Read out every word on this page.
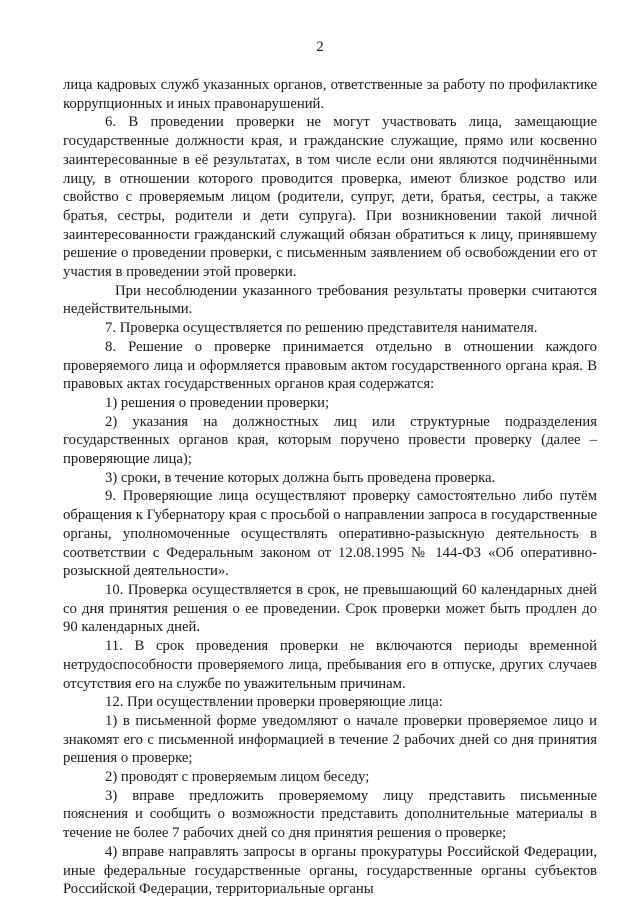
2

лица кадровых служб указанных органов, ответственные за работу по профилактике коррупционных и иных правонарушений.

6. В проведении проверки не могут участвовать лица, замещающие государственные должности края, и гражданские служащие, прямо или косвенно заинтересованные в её результатах, в том числе если они являются подчинёнными лицу, в отношении которого проводится проверка, имеют близкое родство или свойство с проверяемым лицом (родители, супруг, дети, братья, сестры, а также братья, сестры, родители и дети супруга). При возникновении такой личной заинтересованности гражданский служащий обязан обратиться к лицу, принявшему решение о проведении проверки, с письменным заявлением об освобождении его от участия в проведении этой проверки.

При несоблюдении указанного требования результаты проверки считаются недействительными.

7. Проверка осуществляется по решению представителя нанимателя.

8. Решение о проверке принимается отдельно в отношении каждого проверяемого лица и оформляется правовым актом государственного органа края. В правовых актах государственных органов края содержатся:

1) решения о проведении проверки;

2) указания на должностных лиц или структурные подразделения государственных органов края, которым поручено провести проверку (далее – проверяющие лица);

3) сроки, в течение которых должна быть проведена проверка.

9. Проверяющие лица осуществляют проверку самостоятельно либо путём обращения к Губернатору края с просьбой о направлении запроса в государственные органы, уполномоченные осуществлять оперативно-разыскную деятельность в соответствии с Федеральным законом от 12.08.1995 № 144-ФЗ «Об оперативно-розыскной деятельности».

10. Проверка осуществляется в срок, не превышающий 60 календарных дней со дня принятия решения о ее проведении. Срок проверки может быть продлен до 90 календарных дней.

11. В срок проведения проверки не включаются периоды временной нетрудоспособности проверяемого лица, пребывания его в отпуске, других случаев отсутствия его на службе по уважительным причинам.

12. При осуществлении проверки проверяющие лица:

1) в письменной форме уведомляют о начале проверки проверяемое лицо и знакомят его с письменной информацией в течение 2 рабочих дней со дня принятия решения о проверке;

2) проводят с проверяемым лицом беседу;

3) вправе предложить проверяемому лицу представить письменные пояснения и сообщить о возможности представить дополнительные материалы в течение не более 7 рабочих дней со дня принятия решения о проверке;

4) вправе направлять запросы в органы прокуратуры Российской Федерации, иные федеральные государственные органы, государственные органы субъектов Российской Федерации, территориальные органы
